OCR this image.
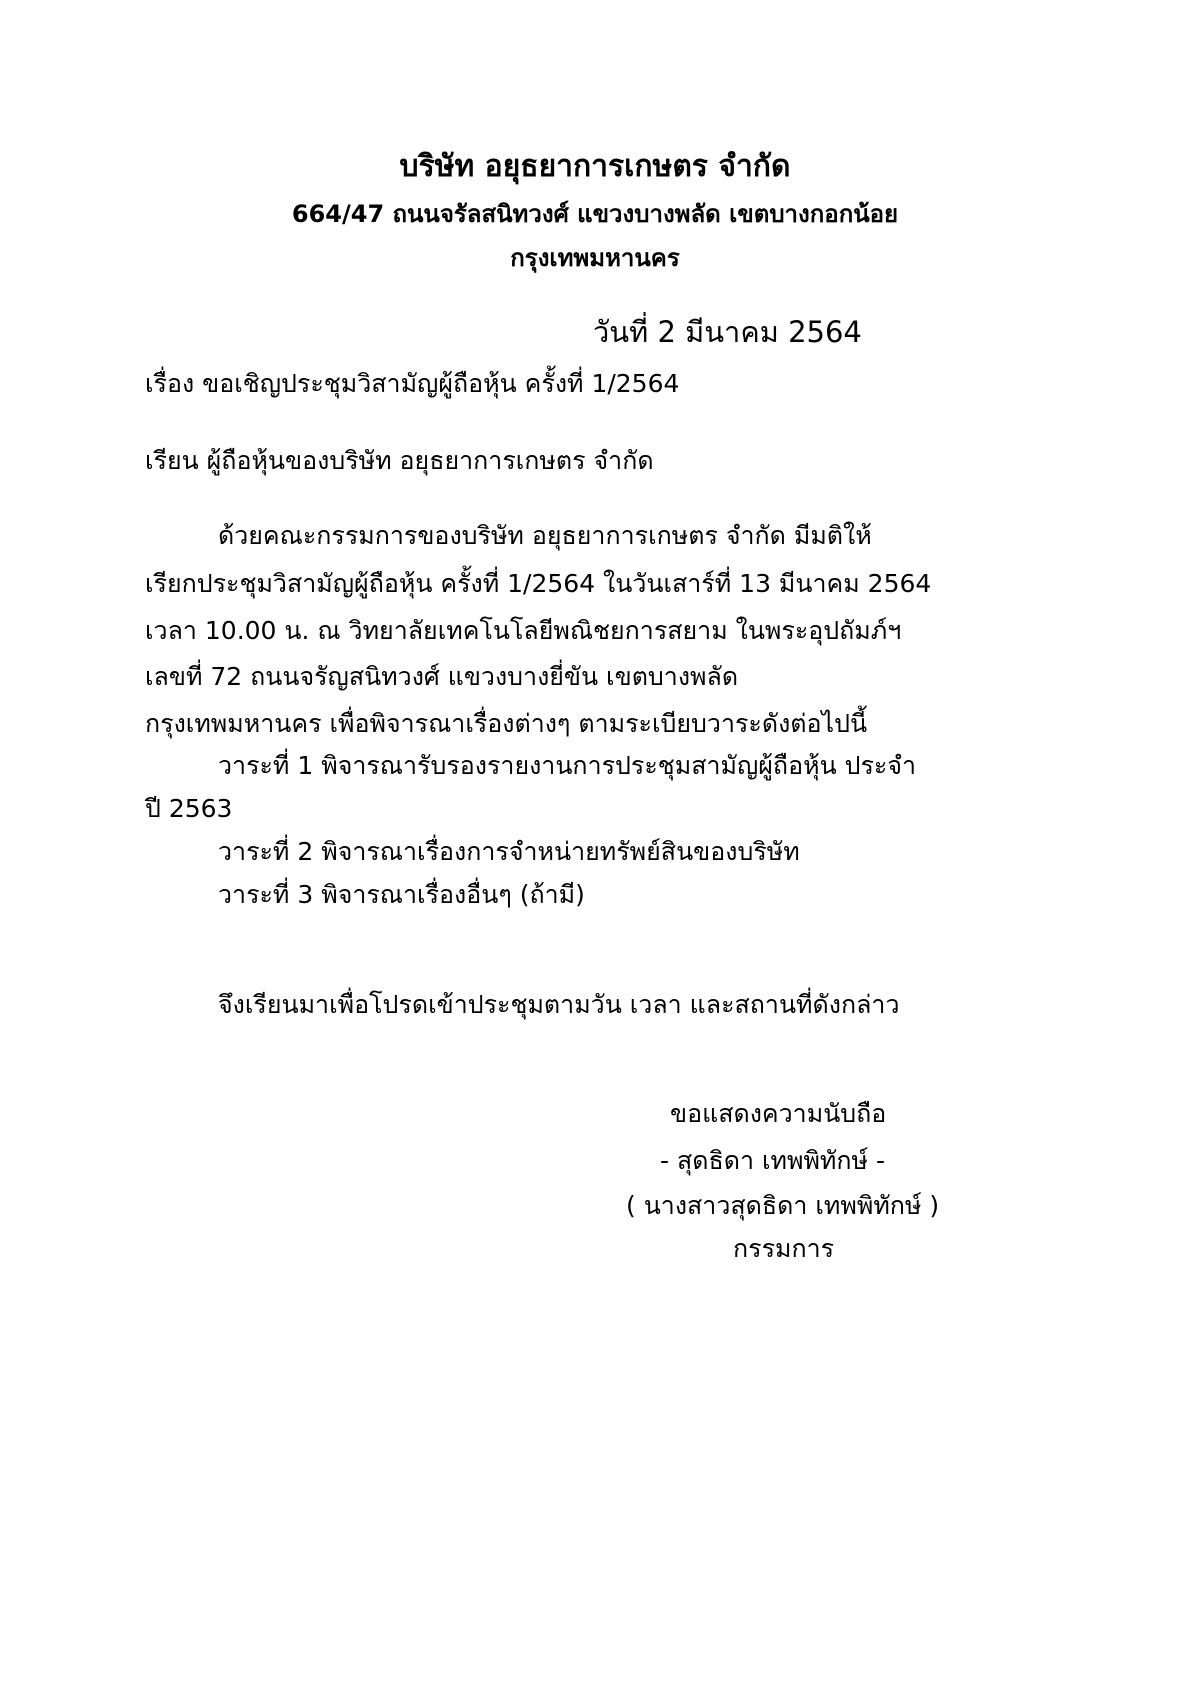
บริษัท อยุธยาการเกษตร จำกัด
664/47 ถนนจรัลสนิทวงศ์ แขวงบางพลัด เขตบางกอกน้อย
กรุงเทพมหานคร
วันที่ 2 มีนาคม 2564
เรื่อง ขอเชิญประชุมวิสามัญผู้ถือหุ้น ครั้งที่ 1/2564
เรียน ผู้ถือหุ้นของบริษัท อยุธยาการเกษตร จำกัด
ด้วยคณะกรรมการของบริษัท อยุธยาการเกษตร จำกัด มีมติให้
เรียกประชุมวิสามัญผู้ถือหุ้น ครั้งที่ 1/2564 ในวันเสาร์ที่ 13 มีนาคม 2564
เวลา 10.00 น. ณ วิทยาลัยเทคโนโลยีพณิชยการสยาม ในพระอุปถัมภ์ฯ
เลขที่ 72 ถนนจรัญสนิทวงศ์ แขวงบางยี่ขัน เขตบางพลัด
กรุงเทพมหานคร เพื่อพิจารณาเรื่องต่างๆ ตามระเบียบวาระดังต่อไปนี้
วาระที่ 1 พิจารณารับรองรายงานการประชุมสามัญผู้ถือหุ้น ประจำ
ปี 2563
วาระที่ 2 พิจารณาเรื่องการจำหน่ายทรัพย์สินของบริษัท
วาระที่ 3 พิจารณาเรื่องอื่นๆ (ถ้ามี)
จึงเรียนมาเพื่อโปรดเข้าประชุมตามวัน เวลา และสถานที่ดังกล่าว
ขอแสดงความนับถือ
- สุดธิดา เทพพิทักษ์ -
( นางสาวสุดธิดา เทพพิทักษ์ )
กรรมการ
